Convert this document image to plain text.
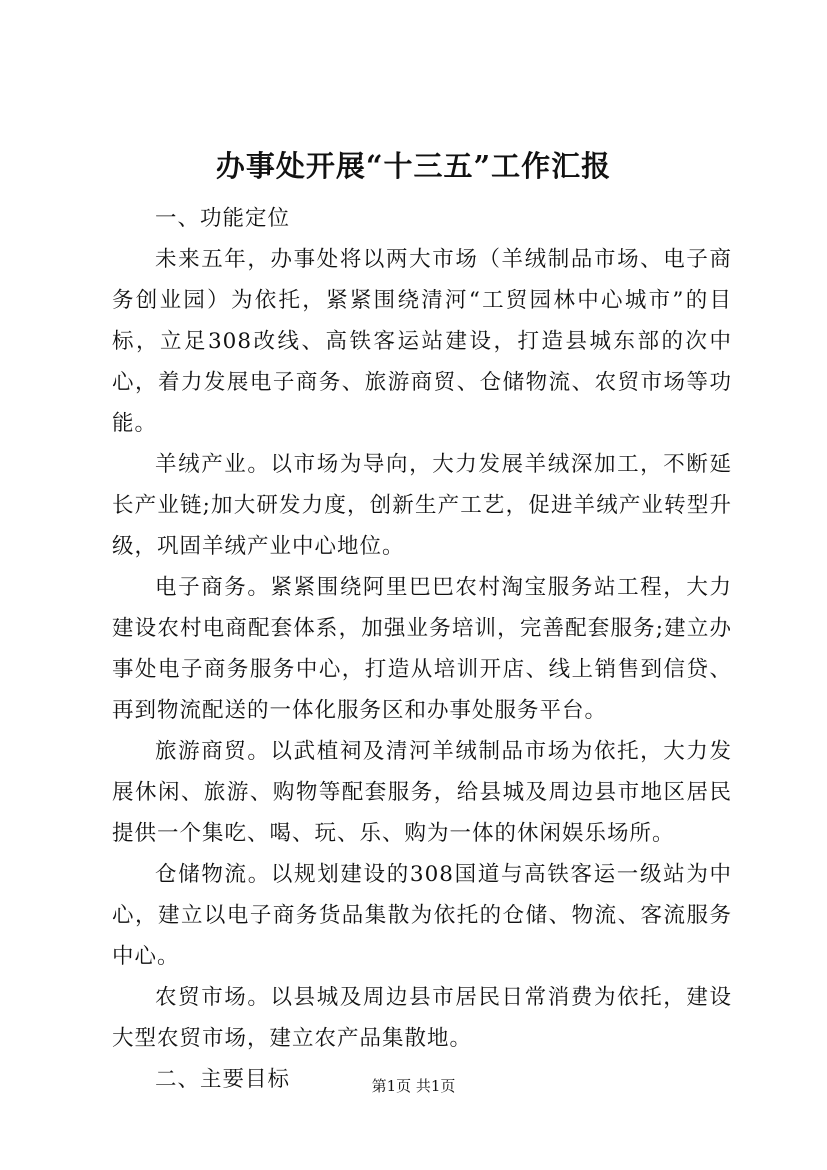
办事处开展“十三五”工作汇报

一、功能定位

未来五年，办事处将以两大市场（羊绒制品市场、电子商务创业园）为依托，紧紧围绕清河“工贸园林中心城市”的目标，立足308改线、高铁客运站建设，打造县城东部的次中心，着力发展电子商务、旅游商贸、仓储物流、农贸市场等功能。

羊绒产业。以市场为导向，大力发展羊绒深加工，不断延长产业链;加大研发力度，创新生产工艺，促进羊绒产业转型升级，巩固羊绒产业中心地位。

电子商务。紧紧围绕阿里巴巴农村淘宝服务站工程，大力建设农村电商配套体系，加强业务培训，完善配套服务;建立办事处电子商务服务中心，打造从培训开店、线上销售到信贷、再到物流配送的一体化服务区和办事处服务平台。

旅游商贸。以武植祠及清河羊绒制品市场为依托，大力发展休闲、旅游、购物等配套服务，给县城及周边县市地区居民提供一个集吃、喝、玩、乐、购为一体的休闲娱乐场所。

仓储物流。以规划建设的308国道与高铁客运一级站为中心，建立以电子商务货品集散为依托的仓储、物流、客流服务中心。

农贸市场。以县城及周边县市居民日常消费为依托，建设大型农贸市场，建立农产品集散地。

二、主要目标	第1页 共1页
